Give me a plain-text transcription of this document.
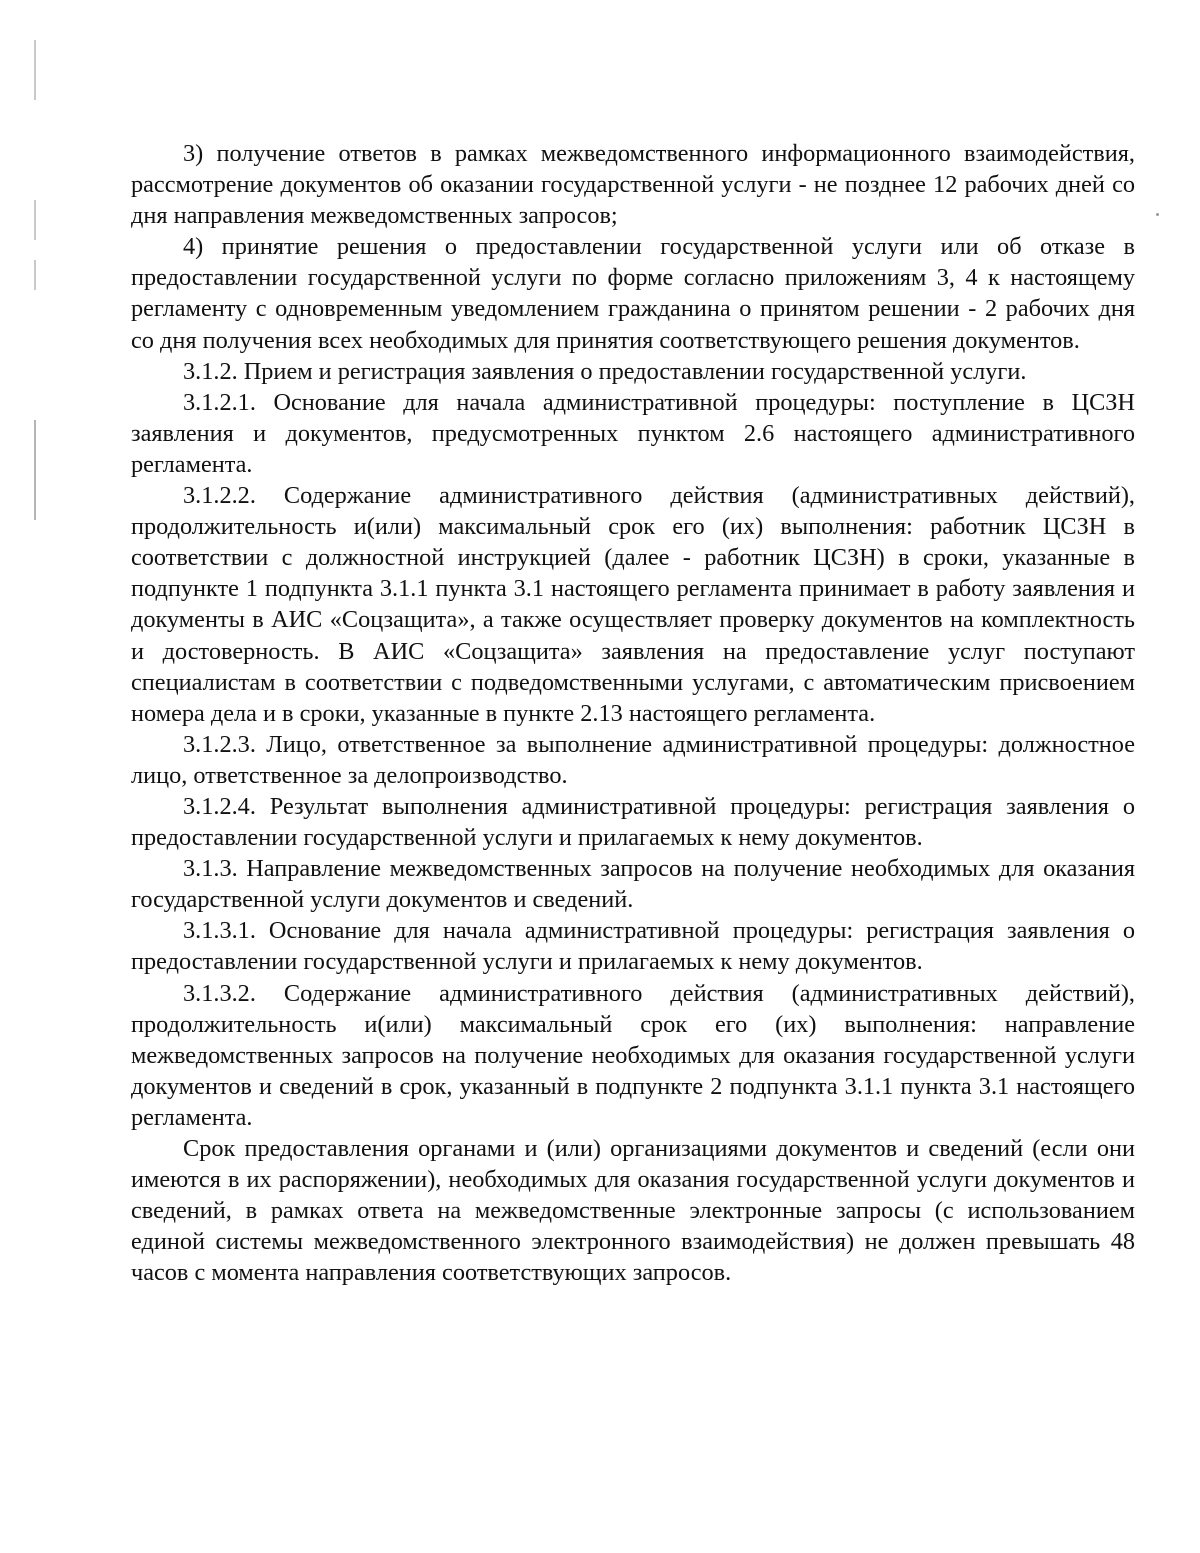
3) получение ответов в рамках межведомственного информационного взаимодействия, рассмотрение документов об оказании государственной услуги - не позднее 12 рабочих дней со дня направления межведомственных запросов;

4) принятие решения о предоставлении государственной услуги или об отказе в предоставлении государственной услуги по форме согласно приложениям 3, 4 к настоящему регламенту с одновременным уведомлением гражданина о принятом решении - 2 рабочих дня со дня получения всех необходимых для принятия соответствующего решения документов.

3.1.2. Прием и регистрация заявления о предоставлении государственной услуги.

3.1.2.1. Основание для начала административной процедуры: поступление в ЦСЗН заявления и документов, предусмотренных пунктом 2.6 настоящего административного регламента.

3.1.2.2. Содержание административного действия (административных действий), продолжительность и(или) максимальный срок его (их) выполнения: работник ЦСЗН в соответствии с должностной инструкцией (далее - работник ЦСЗН) в сроки, указанные в подпункте 1 подпункта 3.1.1 пункта 3.1 настоящего регламента принимает в работу заявления и документы в АИС «Соцзащита», а также осуществляет проверку документов на комплектность и достоверность. В АИС «Соцзащита» заявления на предоставление услуг поступают специалистам в соответствии с подведомственными услугами, с автоматическим присвоением номера дела и в сроки, указанные в пункте 2.13 настоящего регламента.

3.1.2.3. Лицо, ответственное за выполнение административной процедуры: должностное лицо, ответственное за делопроизводство.

3.1.2.4. Результат выполнения административной процедуры: регистрация заявления о предоставлении государственной услуги и прилагаемых к нему документов.

3.1.3. Направление межведомственных запросов на получение необходимых для оказания государственной услуги документов и сведений.

3.1.3.1. Основание для начала административной процедуры: регистрация заявления о предоставлении государственной услуги и прилагаемых к нему документов.

3.1.3.2. Содержание административного действия (административных действий), продолжительность и(или) максимальный срок его (их) выполнения: направление межведомственных запросов на получение необходимых для оказания государственной услуги документов и сведений в срок, указанный в подпункте 2 подпункта 3.1.1 пункта 3.1 настоящего регламента.

Срок предоставления органами и (или) организациями документов и сведений (если они имеются в их распоряжении), необходимых для оказания государственной услуги документов и сведений, в рамках ответа на межведомственные электронные запросы (с использованием единой системы межведомственного электронного взаимодействия) не должен превышать 48 часов с момента направления соответствующих запросов.
